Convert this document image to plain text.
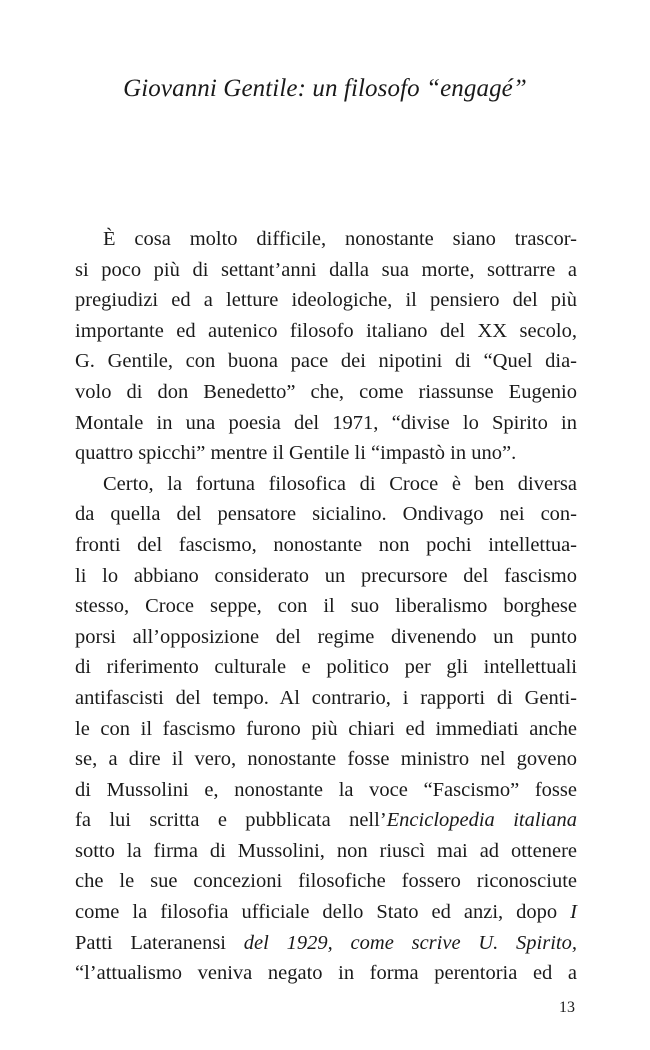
Giovanni Gentile: un filosofo “engagé”
È cosa molto difficile, nonostante siano trascor-
si poco più di settant’anni dalla sua morte, sottrarre a
pregiudizi ed a letture ideologiche, il pensiero del più
importante ed autenico filosofo italiano del XX secolo,
G. Gentile, con buona pace dei nipotini di “Quel dia-
volo di don Benedetto” che, come riassunse Eugenio
Montale in una poesia del 1971, “divise lo Spirito in
quattro spicchi” mentre il Gentile li “impastò in uno”.
Certo, la fortuna filosofica di Croce è ben diversa
da quella del pensatore sicialino. Ondivago nei con-
fronti del fascismo, nonostante non pochi intellettua-
li lo abbiano considerato un precursore del fascismo
stesso, Croce seppe, con il suo liberalismo borghese
porsi all’opposizione del regime divenendo un punto
di riferimento culturale e politico per gli intellettuali
antifascisti del tempo. Al contrario, i rapporti di Genti-
le con il fascismo furono più chiari ed immediati anche
se, a dire il vero, nonostante fosse ministro nel goveno
di Mussolini e, nonostante la voce “Fascismo” fosse
fa lui scritta e pubblicata nell’Enciclopedia italiana
sotto la firma di Mussolini, non riuscì mai ad ottenere
che le sue concezioni filosofiche fossero riconosciute
come la filosofia ufficiale dello Stato ed anzi, dopo I
Patti Lateranensi del 1929, come scrive U. Spirito,
“l’attualismo veniva negato in forma perentoria ed a
13
